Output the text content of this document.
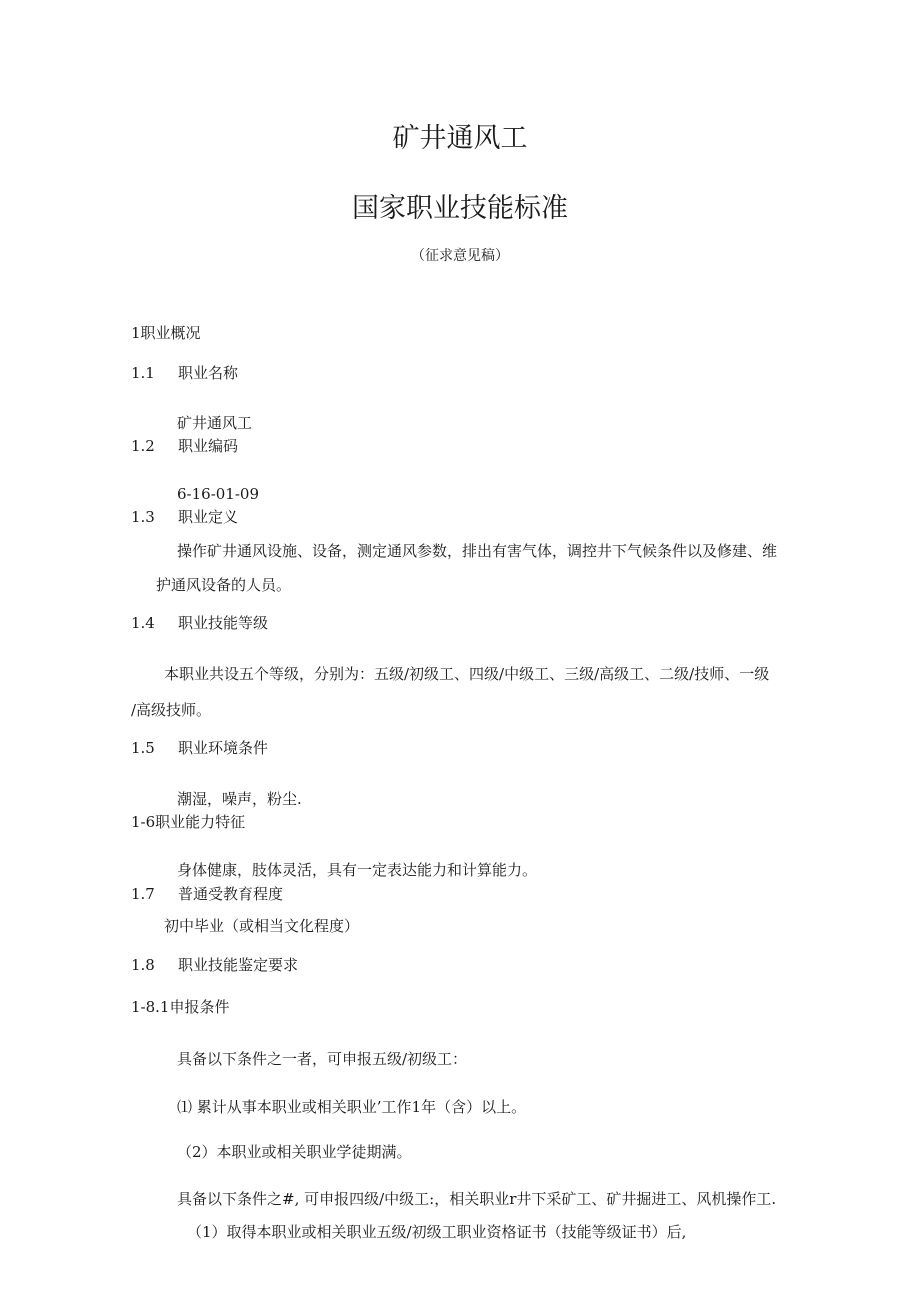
矿井通风工
国家职业技能标准
（征求意见稿）
1职业概况
1.1 职业名称
矿井通风工
1.2 职业编码
6-16-01-09
1.3 职业定义
操作矿井通风设施、设备，测定通风参数，排出有害气体，调控井下气候条件以及修建、维
护通风设备的人员。
1.4 职业技能等级
本职业共设五个等级，分别为：五级/初级工、四级/中级工、三级/高级工、二级/技师、一级
/高级技师。
1.5 职业环境条件
潮湿，噪声，粉尘.
1-6职业能力特征
身体健康，肢体灵活，具有一定表达能力和计算能力。
1.7 普通受教育程度
初中毕业（或相当文化程度）
1.8 职业技能鉴定要求
1-8.1申报条件
具备以下条件之一者，可申报五级/初级工：
⑴ 累计从事本职业或相关职业’工作1年（含）以上。
（2）本职业或相关职业学徒期满。
具备以下条件之#, 可申报四级/中级工:，相关职业r井下采矿工、矿井掘进工、风机操作工.
（1）取得本职业或相关职业五级/初级工职业资格证书（技能等级证书）后,
